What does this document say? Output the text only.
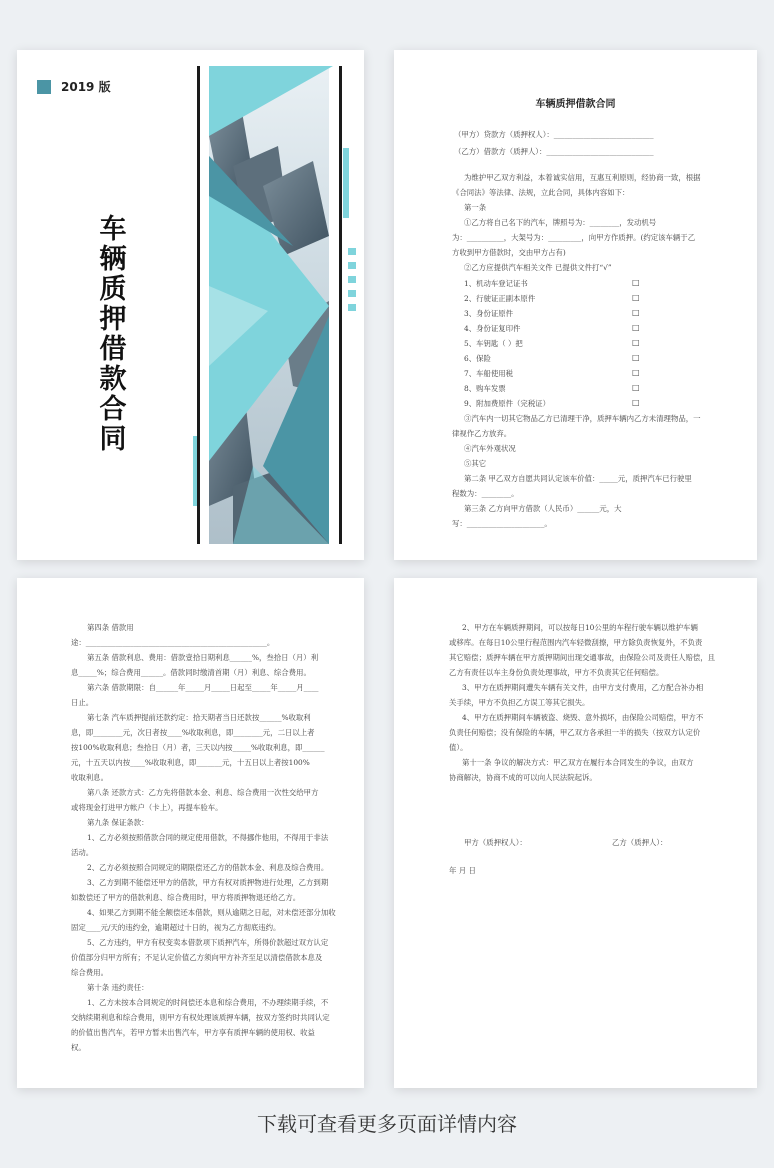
2019 版
车辆质押借款合同
车辆质押借款合同
（甲方）贷款方（质押权人）：___________________________
（乙方）借款方（质押人）：_____________________________
为维护甲乙双方利益，本着诚实信用，互惠互利原则，经协商一致，根据
《合同法》等法律、法规，立此合同，具体内容如下：
第一条
①乙方将自己名下的汽车，牌照号为：________，发动机号
为：__________，大架号为：_________，向甲方作质押。(约定该车辆于乙
方收到甲方借款时，交由甲方占有)
②乙方应提供汽车相关文件 已提供文件打“√”
1、机动车登记证书
2、行驶证正副本原件
3、身份证原件
4、身份证复印件
5、车钥匙（ ）把
6、保险
7、车船使用税
8、购车发票
9、附加费原件（完税证）
③汽车内一切其它物品乙方已清理干净，质押车辆内乙方未清理物品，一
律视作乙方放弃。
④汽车外观状况
⑤其它
第二条 甲乙双方自愿共同认定该车价值：_____元，质押汽车已行驶里
程数为：________。
第三条 乙方向甲方借款（人民币）______元，大
写：_____________________。
□
□
□
□
□
□
□
□
□
第四条 借款用
途：_________________________________________________。
第五条 借款利息、费用：借款壹拾日期利息______%，叁拾日（月）利
息_____%；综合费用______。借款同时缴清首期（月）利息、综合费用。
第六条 借款期限：自______年_____月_____日起至_____年_____月____
日止。
第七条 汽车质押提前还款约定：拾天期者当日还款按______%收取利
息，即________元，次日者按____%收取利息，即________元，二日以上者
按100%收取利息；叁拾日（月）者，三天以内按_____%收取利息，即______
元，十五天以内按____%收取利息，即_______元，十五日以上者按100%
收取利息。
第八条 还款方式：乙方先将借款本金、利息、综合费用一次性交给甲方
或将现金打进甲方帐户（卡上），再提车验车。
第九条 保证条款：
1、乙方必须按照借款合同的规定使用借款，不得挪作他用，不得用于非法
活动。
2、乙方必须按照合同规定的期限偿还乙方的借款本金、利息及综合费用。
3、乙方到期不能偿还甲方的借款，甲方有权对质押物进行处理，乙方到期
如数偿还了甲方的借款利息、综合费用时，甲方将质押物退还给乙方。
4、如果乙方到期不能全额偿还本借款，则从逾期之日起，对未偿还部分加收
固定____元/天的违约金，逾期超过十日的，视为乙方彻底违约。
5、乙方违约，甲方有权变卖本借款项下质押汽车，所得价款超过双方认定
价值部分归甲方所有；不足认定价值乙方须向甲方补齐至足以清偿借款本息及
综合费用。
第十条 违约责任：
1、乙方未按本合同规定的时间偿还本息和综合费用，不办理续期手续，不
交纳续期利息和综合费用，则甲方有权处理该质押车辆，按双方签约时共同认定
的价值出售汽车，若甲方暂未出售汽车，甲方享有质押车辆的使用权、收益
权。
2、甲方在车辆质押期间，可以按每日10公里的车程行驶车辆以维护车辆
或移库。在每日10公里行程范围内汽车轻微刮擦，甲方除负责恢复外，不负责
其它赔偿；质押车辆在甲方质押期间出现交通事故，由保险公司及责任人赔偿，且
乙方有责任以车主身份负责处理事故，甲方不负责其它任何赔偿。
3、甲方在质押期间遭失车辆有关文件，由甲方支付费用，乙方配合补办相
关手续，甲方不负担乙方误工等其它损失。
4、甲方在质押期间车辆被盗、烧毁、意外损坏，由保险公司赔偿，甲方不
负责任何赔偿；没有保险的车辆，甲乙双方各承担一半的损失（按双方认定价
值）。
第十一条 争议的解决方式：甲乙双方在履行本合同发生的争议，由双方
协商解决，协商不成的可以向人民法院起诉。
甲方（质押权人）：	乙方（质押人）：
年 月 日
下载可查看更多页面详情内容
